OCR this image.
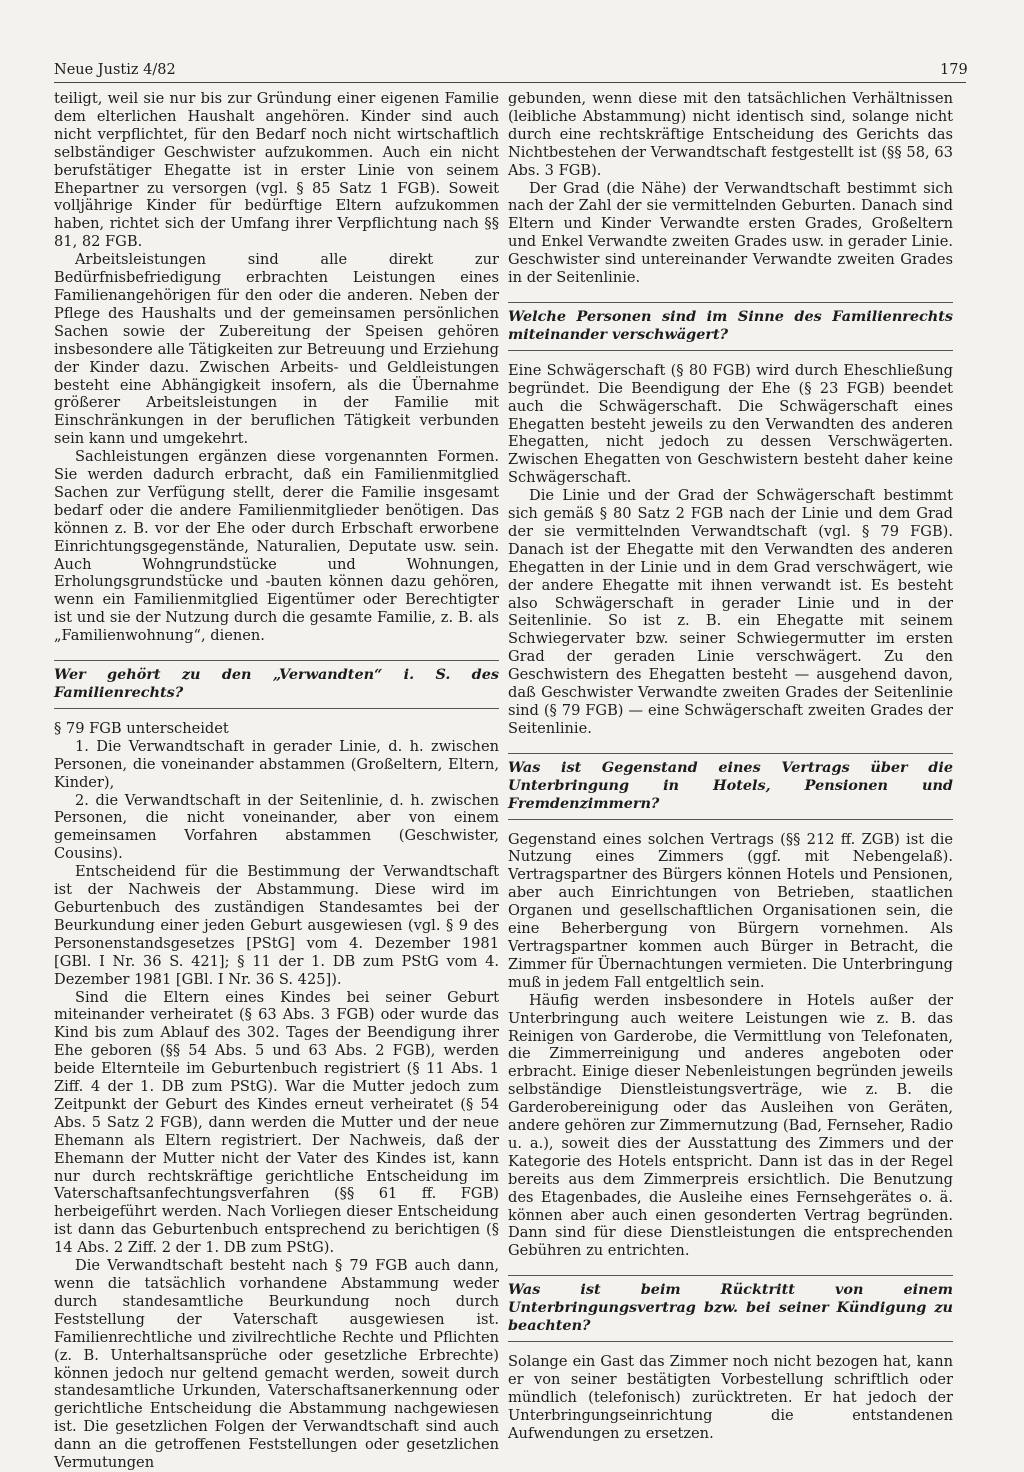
Neue Justiz 4/82	179

teiligt, weil sie nur bis zur Gründung einer eigenen Familie dem elterlichen Haushalt angehören. Kinder sind auch nicht verpflichtet, für den Bedarf noch nicht wirtschaftlich selbständiger Geschwister aufzukommen. Auch ein nicht berufstätiger Ehegatte ist in erster Linie von seinem Ehepartner zu versorgen (vgl. § 85 Satz 1 FGB). Soweit volljährige Kinder für bedürftige Eltern aufzukommen haben, richtet sich der Umfang ihrer Verpflichtung nach §§ 81, 82 FGB.

Arbeitsleistungen sind alle direkt zur Bedürfnisbefriedigung erbrachten Leistungen eines Familienangehörigen für den oder die anderen. Neben der Pflege des Haushalts und der gemeinsamen persönlichen Sachen sowie der Zubereitung der Speisen gehören insbesondere alle Tätigkeiten zur Betreuung und Erziehung der Kinder dazu. Zwischen Arbeits- und Geldleistungen besteht eine Abhängigkeit insofern, als die Übernahme größerer Arbeitsleistungen in der Familie mit Einschränkungen in der beruflichen Tätigkeit verbunden sein kann und umgekehrt.

Sachleistungen ergänzen diese vorgenannten Formen. Sie werden dadurch erbracht, daß ein Familienmitglied Sachen zur Verfügung stellt, derer die Familie insgesamt bedarf oder die andere Familienmitglieder benötigen. Das können z. B. vor der Ehe oder durch Erbschaft erworbene Einrichtungsgegenstände, Naturalien, Deputate usw. sein. Auch Wohngrundstücke und Wohnungen, Erholungsgrundstücke und -bauten können dazu gehören, wenn ein Familienmitglied Eigentümer oder Berechtigter ist und sie der Nutzung durch die gesamte Familie, z. B. als „Familienwohnung“, dienen.

Wer gehört zu den „Verwandten“ i. S. des Familienrechts?

§ 79 FGB unterscheidet

1. Die Verwandtschaft in gerader Linie, d. h. zwischen Personen, die voneinander abstammen (Großeltern, Eltern, Kinder),

2. die Verwandtschaft in der Seitenlinie, d. h. zwischen Personen, die nicht voneinander, aber von einem gemeinsamen Vorfahren abstammen (Geschwister, Cousins).

Entscheidend für die Bestimmung der Verwandtschaft ist der Nachweis der Abstammung. Diese wird im Geburtenbuch des zuständigen Standesamtes bei der Beurkundung einer jeden Geburt ausgewiesen (vgl. § 9 des Personenstandsgesetzes [PStG] vom 4. Dezember 1981 [GBl. I Nr. 36 S. 421]; § 11 der 1. DB zum PStG vom 4. Dezember 1981 [GBl. I Nr. 36 S. 425]).

Sind die Eltern eines Kindes bei seiner Geburt miteinander verheiratet (§ 63 Abs. 3 FGB) oder wurde das Kind bis zum Ablauf des 302. Tages der Beendigung ihrer Ehe geboren (§§ 54 Abs. 5 und 63 Abs. 2 FGB), werden beide Elternteile im Geburtenbuch registriert (§ 11 Abs. 1 Ziff. 4 der 1. DB zum PStG). War die Mutter jedoch zum Zeitpunkt der Geburt des Kindes erneut verheiratet (§ 54 Abs. 5 Satz 2 FGB), dann werden die Mutter und der neue Ehemann als Eltern registriert. Der Nachweis, daß der Ehemann der Mutter nicht der Vater des Kindes ist, kann nur durch rechtskräftige gerichtliche Entscheidung im Vaterschaftsanfechtungsverfahren (§§ 61 ff. FGB) herbeigeführt werden. Nach Vorliegen dieser Entscheidung ist dann das Geburtenbuch entsprechend zu berichtigen (§ 14 Abs. 2 Ziff. 2 der 1. DB zum PStG).

Die Verwandtschaft besteht nach § 79 FGB auch dann, wenn die tatsächlich vorhandene Abstammung weder durch standesamtliche Beurkundung noch durch Feststellung der Vaterschaft ausgewiesen ist. Familienrechtliche und zivilrechtliche Rechte und Pflichten (z. B. Unterhaltsansprüche oder gesetzliche Erbrechte) können jedoch nur geltend gemacht werden, soweit durch standesamtliche Urkunden, Vaterschaftsanerkennung oder gerichtliche Entscheidung die Abstammung nachgewiesen ist. Die gesetzlichen Folgen der Verwandtschaft sind auch dann an die getroffenen Feststellungen oder gesetzlichen Vermutungen

gebunden, wenn diese mit den tatsächlichen Verhältnissen (leibliche Abstammung) nicht identisch sind, solange nicht durch eine rechtskräftige Entscheidung des Gerichts das Nichtbestehen der Verwandtschaft festgestellt ist (§§ 58, 63 Abs. 3 FGB).

Der Grad (die Nähe) der Verwandtschaft bestimmt sich nach der Zahl der sie vermittelnden Geburten. Danach sind Eltern und Kinder Verwandte ersten Grades, Großeltern und Enkel Verwandte zweiten Grades usw. in gerader Linie. Geschwister sind untereinander Verwandte zweiten Grades in der Seitenlinie.

Welche Personen sind im Sinne des Familienrechts miteinander verschwägert?

Eine Schwägerschaft (§ 80 FGB) wird durch Eheschließung begründet. Die Beendigung der Ehe (§ 23 FGB) beendet auch die Schwägerschaft. Die Schwägerschaft eines Ehegatten besteht jeweils zu den Verwandten des anderen Ehegatten, nicht jedoch zu dessen Verschwägerten. Zwischen Ehegatten von Geschwistern besteht daher keine Schwägerschaft.

Die Linie und der Grad der Schwägerschaft bestimmt sich gemäß § 80 Satz 2 FGB nach der Linie und dem Grad der sie vermittelnden Verwandtschaft (vgl. § 79 FGB). Danach ist der Ehegatte mit den Verwandten des anderen Ehegatten in der Linie und in dem Grad verschwägert, wie der andere Ehegatte mit ihnen verwandt ist. Es besteht also Schwägerschaft in gerader Linie und in der Seitenlinie. So ist z. B. ein Ehegatte mit seinem Schwiegervater bzw. seiner Schwiegermutter im ersten Grad der geraden Linie verschwägert. Zu den Geschwistern des Ehegatten besteht — ausgehend davon, daß Geschwister Verwandte zweiten Grades der Seitenlinie sind (§ 79 FGB) — eine Schwägerschaft zweiten Grades der Seitenlinie.

Was ist Gegenstand eines Vertrags über die Unterbringung in Hotels, Pensionen und Fremdenzimmern?

Gegenstand eines solchen Vertrags (§§ 212 ff. ZGB) ist die Nutzung eines Zimmers (ggf. mit Nebengelaß). Vertragspartner des Bürgers können Hotels und Pensionen, aber auch Einrichtungen von Betrieben, staatlichen Organen und gesellschaftlichen Organisationen sein, die eine Beherbergung von Bürgern vornehmen. Als Vertragspartner kommen auch Bürger in Betracht, die Zimmer für Übernachtungen vermieten. Die Unterbringung muß in jedem Fall entgeltlich sein.

Häufig werden insbesondere in Hotels außer der Unterbringung auch weitere Leistungen wie z. B. das Reinigen von Garderobe, die Vermittlung von Telefonaten, die Zimmerreinigung und anderes angeboten oder erbracht. Einige dieser Nebenleistungen begründen jeweils selbständige Dienstleistungsverträge, wie z. B. die Garderobereinigung oder das Ausleihen von Geräten, andere gehören zur Zimmernutzung (Bad, Fernseher, Radio u. a.), soweit dies der Ausstattung des Zimmers und der Kategorie des Hotels entspricht. Dann ist das in der Regel bereits aus dem Zimmerpreis ersichtlich. Die Benutzung des Etagenbades, die Ausleihe eines Fernsehgerätes o. ä. können aber auch einen gesonderten Vertrag begründen. Dann sind für diese Dienstleistungen die entsprechenden Gebühren zu entrichten.

Was ist beim Rücktritt von einem Unterbringungsvertrag bzw. bei seiner Kündigung zu beachten?

Solange ein Gast das Zimmer noch nicht bezogen hat, kann er von seiner bestätigten Vorbestellung schriftlich oder mündlich (telefonisch) zurücktreten. Er hat jedoch der Unterbringungseinrichtung die entstandenen Aufwendungen zu ersetzen.
